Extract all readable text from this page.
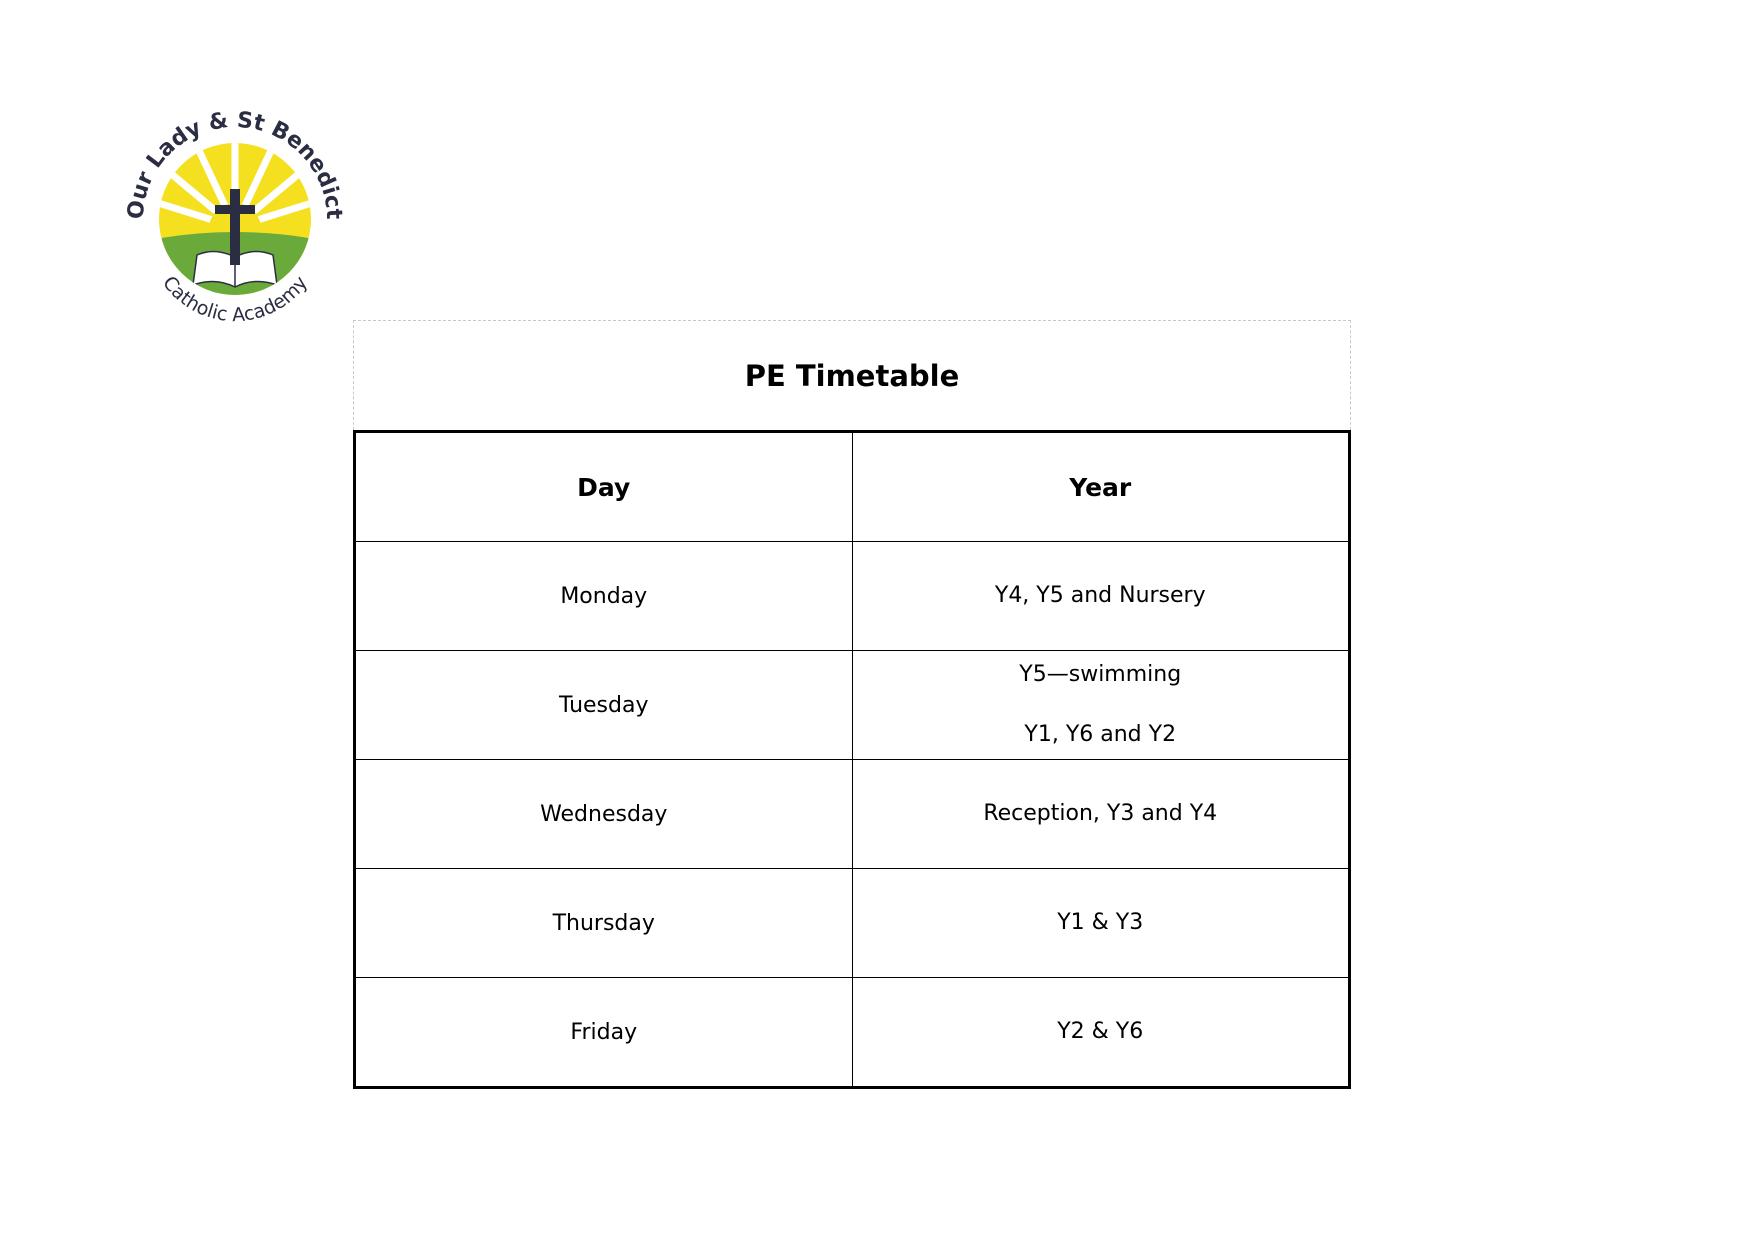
Our Lady & St Benedict
Catholic Academy
PE Timetable
Day	Year
Monday	Y4, Y5 and Nursery

Tuesday	Y5—swimming
Y1, Y6 and Y2

Wednesday	Reception, Y3 and Y4

Thursday	Y1 & Y3

Friday	Y2 & Y6
